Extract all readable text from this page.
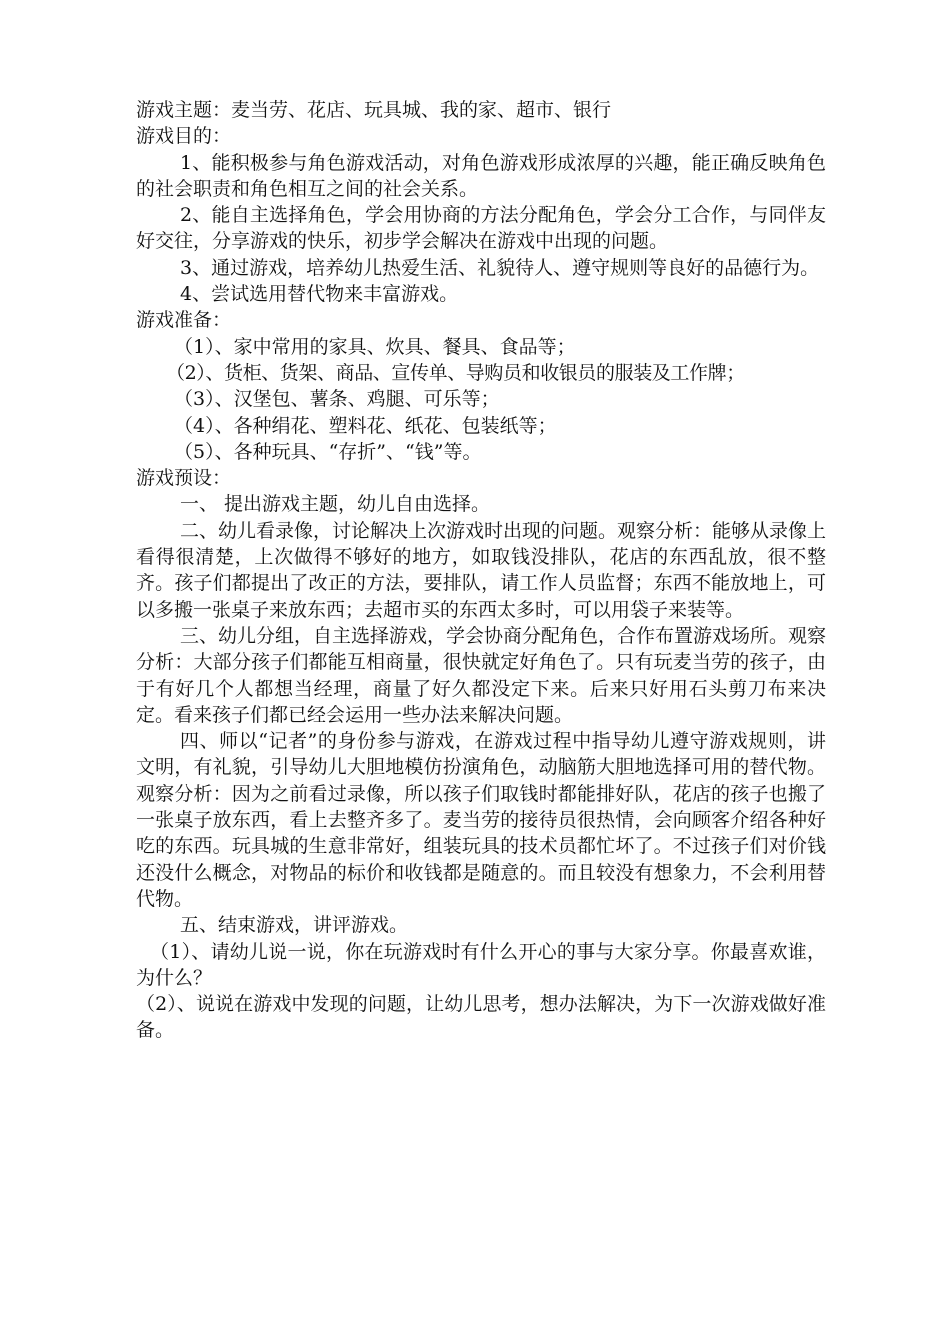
游戏主题：麦当劳、花店、玩具城、我的家、超市、银行

游戏目的：

1、能积极参与角色游戏活动，对角色游戏形成浓厚的兴趣，能正确反映角色的社会职责和角色相互之间的社会关系。

2、能自主选择角色，学会用协商的方法分配角色，学会分工合作，与同伴友好交往，分享游戏的快乐，初步学会解决在游戏中出现的问题。

3、通过游戏，培养幼儿热爱生活、礼貌待人、遵守规则等良好的品德行为。

4、尝试选用替代物来丰富游戏。

游戏准备：

（1）、家中常用的家具、炊具、餐具、食品等；

（2）、货柜、货架、商品、宣传单、导购员和收银员的服装及工作牌；

（3）、汉堡包、薯条、鸡腿、可乐等；

（4）、各种绢花、塑料花、纸花、包装纸等；

（5）、各种玩具、“存折”、“钱”等。

游戏预设：

一、 提出游戏主题，幼儿自由选择。

二、幼儿看录像，讨论解决上次游戏时出现的问题。观察分析：能够从录像上看得很清楚，上次做得不够好的地方，如取钱没排队，花店的东西乱放，很不整齐。孩子们都提出了改正的方法，要排队，请工作人员监督；东西不能放地上，可以多搬一张桌子来放东西；去超市买的东西太多时，可以用袋子来装等。

三、幼儿分组，自主选择游戏，学会协商分配角色，合作布置游戏场所。观察分析：大部分孩子们都能互相商量，很快就定好角色了。只有玩麦当劳的孩子，由于有好几个人都想当经理，商量了好久都没定下来。后来只好用石头剪刀布来决定。看来孩子们都已经会运用一些办法来解决问题。

四、师以“记者”的身份参与游戏，在游戏过程中指导幼儿遵守游戏规则，讲文明，有礼貌，引导幼儿大胆地模仿扮演角色，动脑筋大胆地选择可用的替代物。观察分析：因为之前看过录像，所以孩子们取钱时都能排好队，花店的孩子也搬了一张桌子放东西，看上去整齐多了。麦当劳的接待员很热情，会向顾客介绍各种好吃的东西。玩具城的生意非常好，组装玩具的技术员都忙坏了。不过孩子们对价钱还没什么概念，对物品的标价和收钱都是随意的。而且较没有想象力，不会利用替代物。

五、结束游戏，讲评游戏。

（1）、请幼儿说一说，你在玩游戏时有什么开心的事与大家分享。你最喜欢谁，为什么？

（2）、说说在游戏中发现的问题，让幼儿思考，想办法解决，为下一次游戏做好准备。
